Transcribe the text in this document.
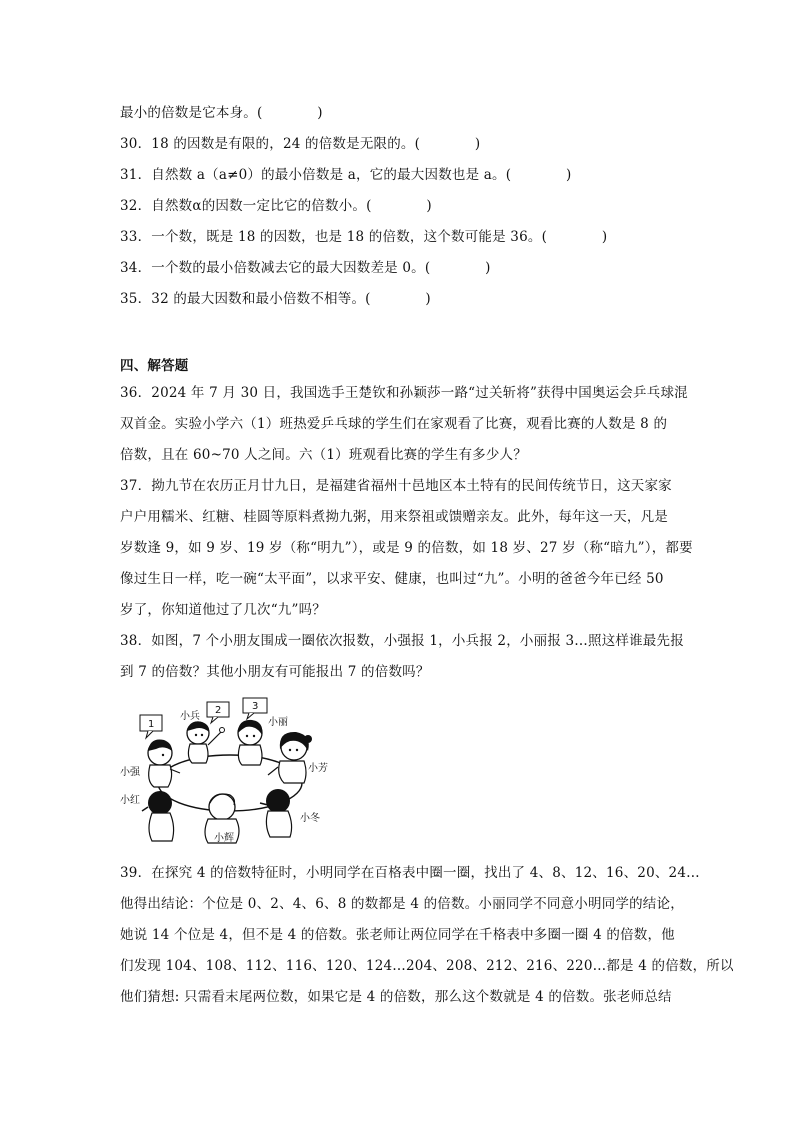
最小的倍数是它本身。(　　　　)
30．18 的因数是有限的，24 的倍数是无限的。(　　　　)
31．自然数 a（a≠0）的最小倍数是 a，它的最大因数也是 a。(　　　　)
32．自然数α的因数一定比它的倍数小。(　　　　)
33．一个数，既是 18 的因数，也是 18 的倍数，这个数可能是 36。(　　　　)
34．一个数的最小倍数减去它的最大因数差是 0。(　　　　)
35．32 的最大因数和最小倍数不相等。(　　　　)
四、解答题
36．2024 年 7 月 30 日，我国选手王楚钦和孙颖莎一路“过关斩将”获得中国奥运会乒乓球混
双首金。实验小学六（1）班热爱乒乓球的学生们在家观看了比赛，观看比赛的人数是 8 的
倍数，且在 60~70 人之间。六（1）班观看比赛的学生有多少人？
37．拗九节在农历正月廿九日，是福建省福州十邑地区本土特有的民间传统节日，这天家家
户户用糯米、红糖、桂圆等原料煮拗九粥，用来祭祖或馈赠亲友。此外，每年这一天，凡是
岁数逢 9，如 9 岁、19 岁（称“明九”），或是 9 的倍数，如 18 岁、27 岁（称“暗九”），都要
像过生日一样，吃一碗“太平面”，以求平安、健康，也叫过“九”。小明的爸爸今年已经 50
岁了，你知道他过了几次“九”吗？
38．如图，7 个小朋友围成一圈依次报数，小强报 1，小兵报 2，小丽报 3…照这样谁最先报
到 7 的倍数？其他小朋友有可能报出 7 的倍数吗？
1
2	3
小兵
小丽
小强	小芳
小红
小冬
小辉
39．在探究 4 的倍数特征时，小明同学在百格表中圈一圈，找出了 4、8、12、16、20、24…
他得出结论：个位是 0、2、4、6、8 的数都是 4 的倍数。小丽同学不同意小明同学的结论，
她说 14 个位是 4，但不是 4 的倍数。张老师让两位同学在千格表中多圈一圈 4 的倍数，他
们发现 104、108、112、116、120、124…204、208、212、216、220…都是 4 的倍数，所以
他们猜想: 只需看末尾两位数，如果它是 4 的倍数，那么这个数就是 4 的倍数。张老师总结
